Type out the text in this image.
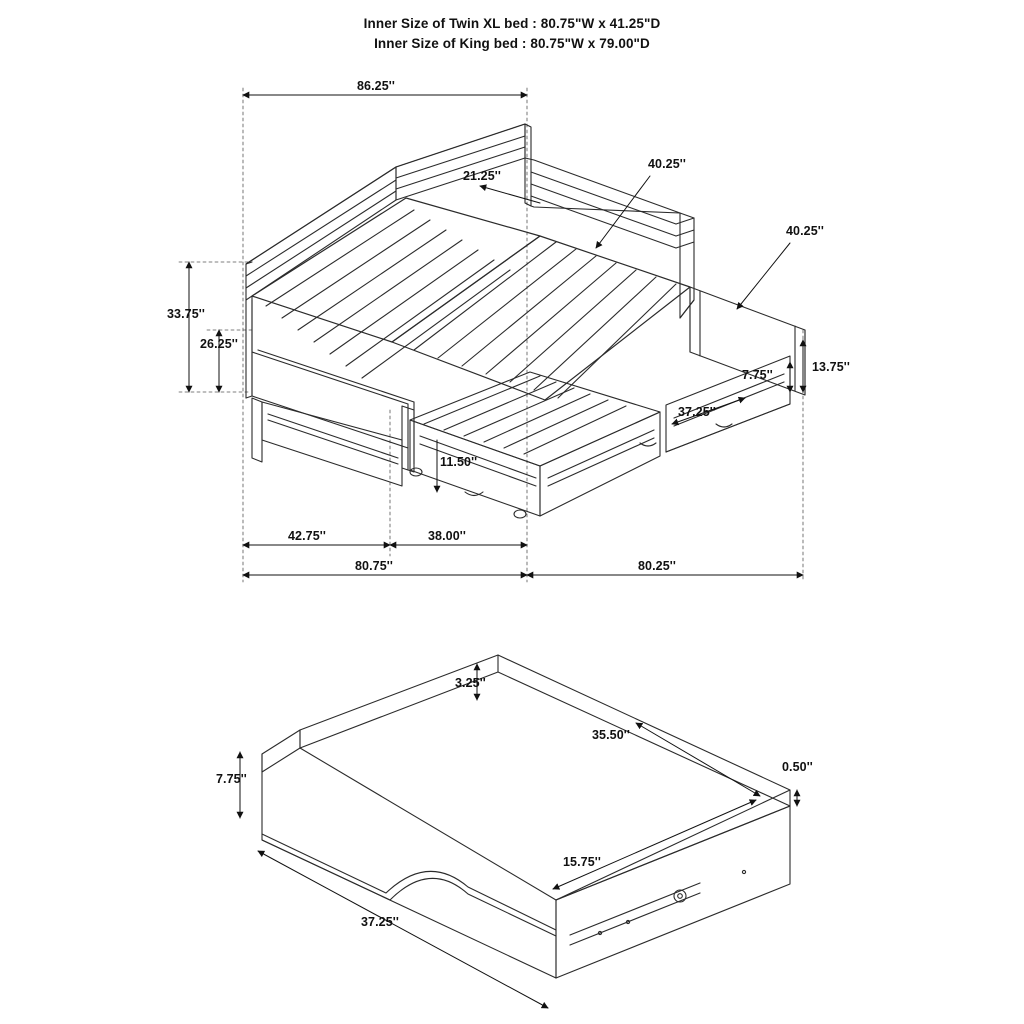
Inner Size of Twin XL bed : 80.75"W x 41.25"D
Inner Size of King bed : 80.75"W x 79.00"D
86.25''
21.25''
40.25''
40.25''
33.75''
26.25''
11.50''
7.75''
13.75''
37.25''
42.75''	38.00''
80.75''	80.25''
3.25''
35.50''
0.50''
7.75''
15.75''
37.25''
